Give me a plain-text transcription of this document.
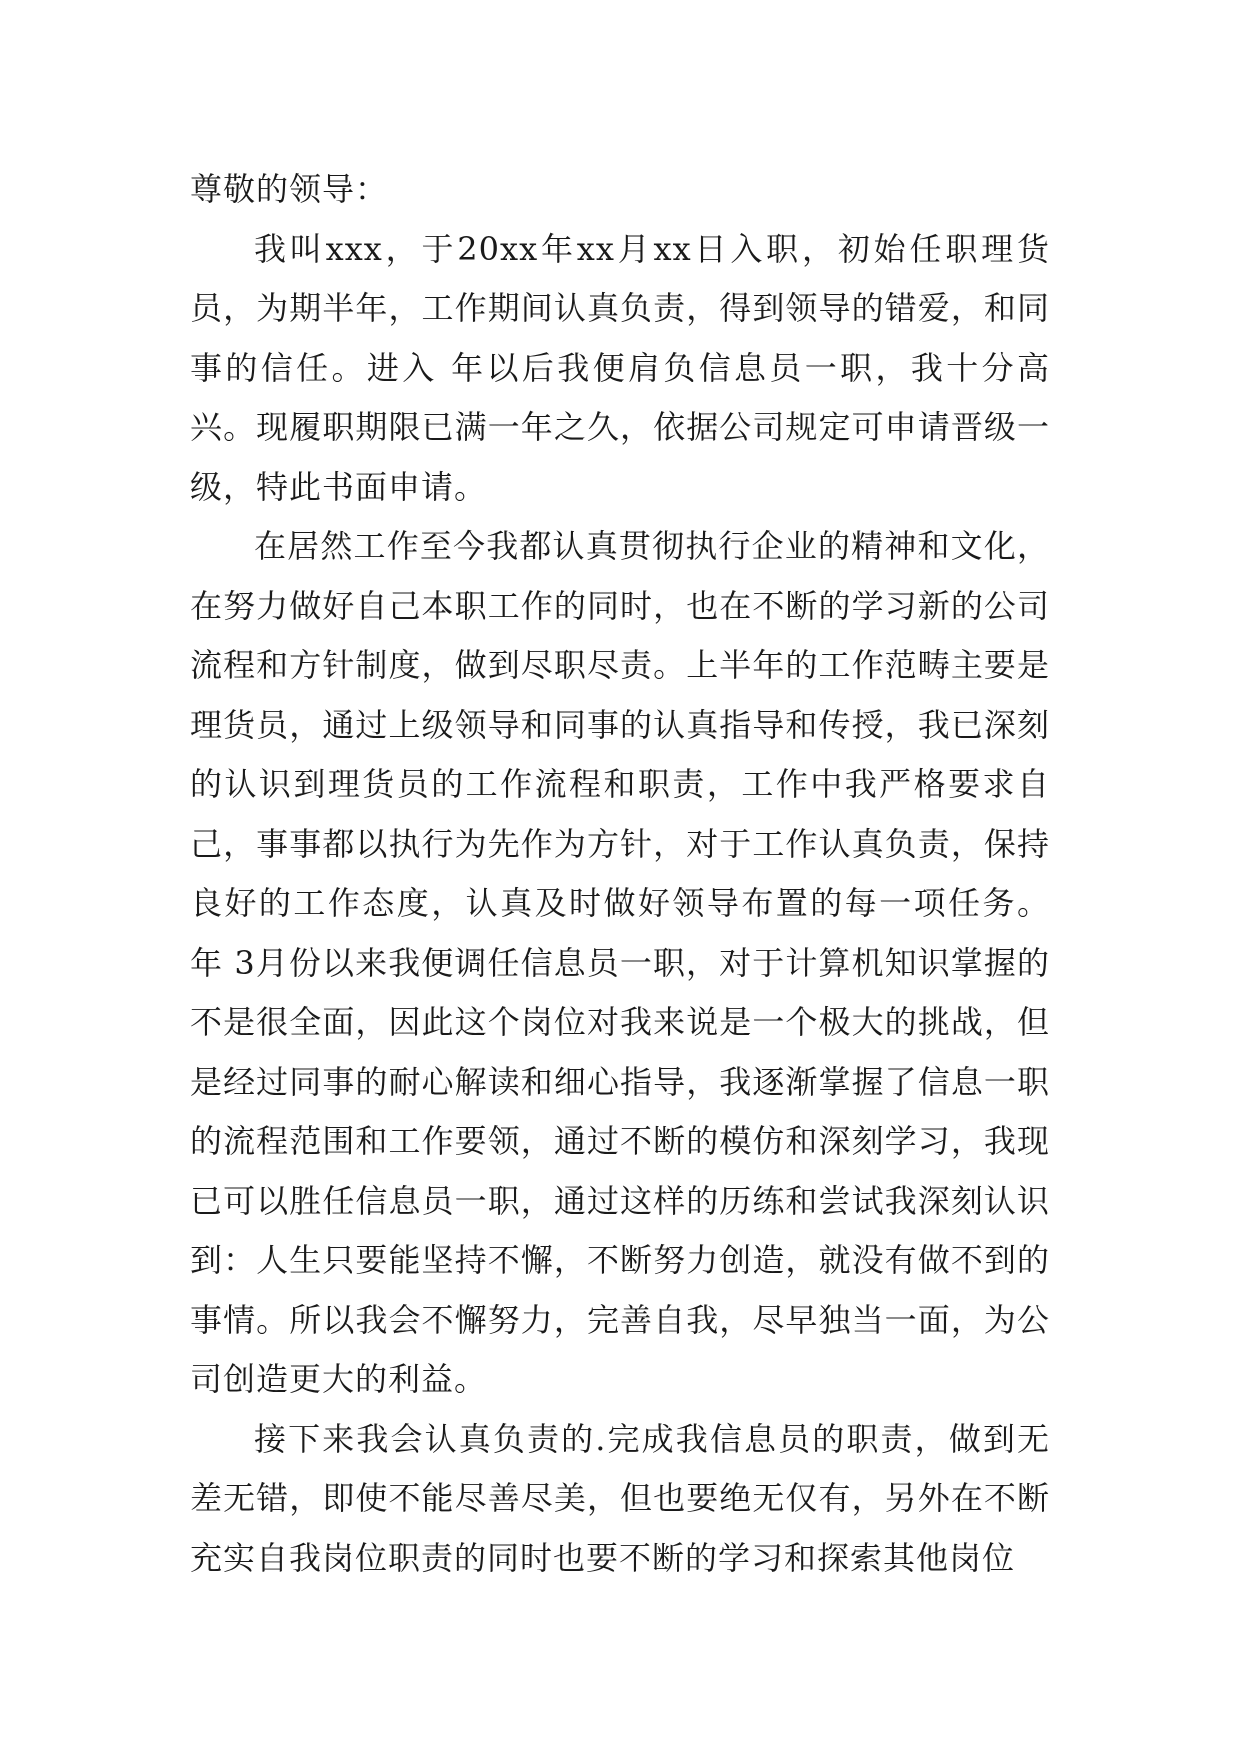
尊敬的领导：

我叫xxx，于20xx年xx月xx日入职，初始任职理货员，为期半年，工作期间认真负责，得到领导的错爱，和同事的信任。进入 年以后我便肩负信息员一职，我十分高兴。现履职期限已满一年之久，依据公司规定可申请晋级一级，特此书面申请。

在居然工作至今我都认真贯彻执行企业的精神和文化，在努力做好自己本职工作的同时，也在不断的学习新的公司流程和方针制度，做到尽职尽责。上半年的工作范畴主要是理货员，通过上级领导和同事的认真指导和传授，我已深刻的认识到理货员的工作流程和职责，工作中我严格要求自己，事事都以执行为先作为方针，对于工作认真负责，保持良好的工作态度，认真及时做好领导布置的每一项任务。 年 3月份以来我便调任信息员一职，对于计算机知识掌握的不是很全面，因此这个岗位对我来说是一个极大的挑战，但是经过同事的耐心解读和细心指导，我逐渐掌握了信息一职的流程范围和工作要领，通过不断的模仿和深刻学习，我现已可以胜任信息员一职，通过这样的历练和尝试我深刻认识到：人生只要能坚持不懈，不断努力创造，就没有做不到的事情。所以我会不懈努力，完善自我，尽早独当一面，为公司创造更大的利益。

接下来我会认真负责的.完成我信息员的职责，做到无差无错，即使不能尽善尽美，但也要绝无仅有，另外在不断充实自我岗位职责的同时也要不断的学习和探索其他岗位
